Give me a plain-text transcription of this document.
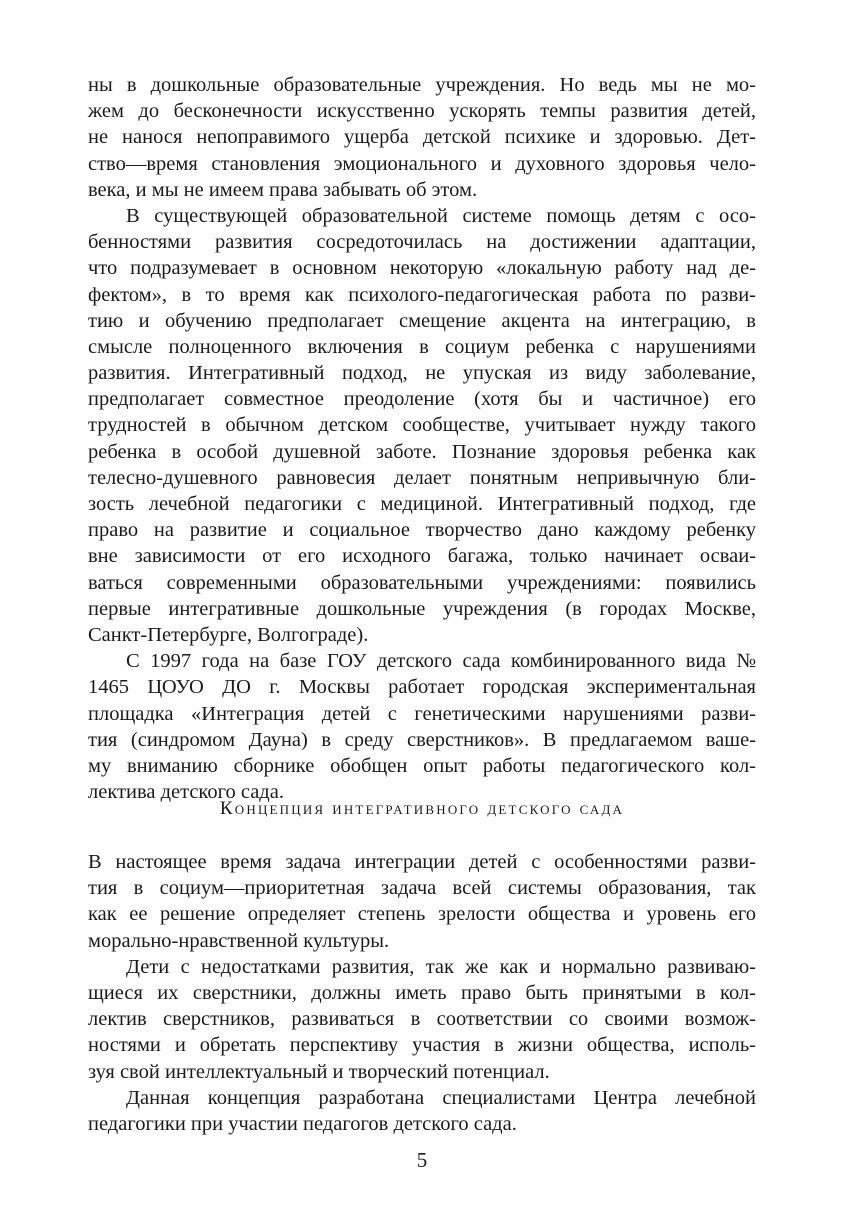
ны в дошкольные образовательные учреждения. Но ведь мы не мо-
жем до бесконечности искусственно ускорять темпы развития детей,
не нанося непоправимого ущерба детской психике и здоровью. Дет-
ство—время становления эмоционального и духовного здоровья чело-
века, и мы не имеем права забывать об этом.
В существующей образовательной системе помощь детям с осо-
бенностями развития сосредоточилась на достижении адаптации,
что подразумевает в основном некоторую «локальную работу над де-
фектом», в то время как психолого-педагогическая работа по разви-
тию и обучению предполагает смещение акцента на интеграцию, в
смысле полноценного включения в социум ребенка с нарушениями
развития. Интегративный подход, не упуская из виду заболевание,
предполагает совместное преодоление (хотя бы и частичное) его
трудностей в обычном детском сообществе, учитывает нужду такого
ребенка в особой душевной заботе. Познание здоровья ребенка как
телесно-душевного равновесия делает понятным непривычную бли-
зость лечебной педагогики с медициной. Интегративный подход, где
право на развитие и социальное творчество дано каждому ребенку
вне зависимости от его исходного багажа, только начинает осваи-
ваться современными образовательными учреждениями: появились
первые интегративные дошкольные учреждения (в городах Москве,
Санкт-Петербурге, Волгограде).
С 1997 года на базе ГОУ детского сада комбинированного вида №
1465 ЦОУО ДО г. Москвы работает городская экспериментальная
площадка «Интеграция детей с генетическими нарушениями разви-
тия (синдромом Дауна) в среду сверстников». В предлагаемом ваше-
му вниманию сборнике обобщен опыт работы педагогического кол-
лектива детского сада.
Концепция интегративного детского сада
В настоящее время задача интеграции детей с особенностями разви-
тия в социум—приоритетная задача всей системы образования, так
как ее решение определяет степень зрелости общества и уровень его
морально-нравственной культуры.
Дети с недостатками развития, так же как и нормально развиваю-
щиеся их сверстники, должны иметь право быть принятыми в кол-
лектив сверстников, развиваться в соответствии со своими возмож-
ностями и обретать перспективу участия в жизни общества, исполь-
зуя свой интеллектуальный и творческий потенциал.
Данная концепция разработана специалистами Центра лечебной
педагогики при участии педагогов детского сада.
5
